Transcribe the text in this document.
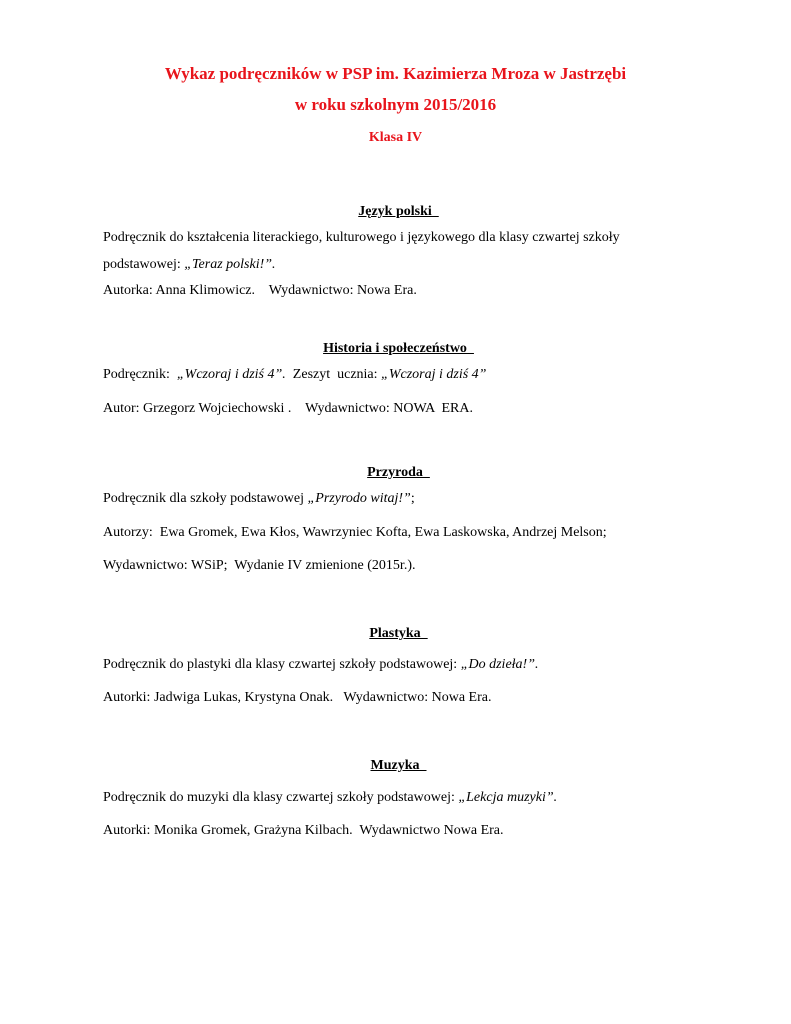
Wykaz podręczników w PSP im. Kazimierza Mroza w Jastrzębi
w roku szkolnym 2015/2016
Klasa IV
Język polski
Podręcznik do kształcenia literackiego, kulturowego i językowego dla klasy czwartej szkoły
podstawowej: „Teraz polski!”.
Autorka: Anna Klimowicz.    Wydawnictwo: Nowa Era.
Historia i społeczeństwo
Podręcznik:  „Wczoraj i dziś 4”.  Zeszyt  ucznia: „Wczoraj i dziś 4”
Autor: Grzegorz Wojciechowski .    Wydawnictwo: NOWA  ERA.
Przyroda
Podręcznik dla szkoły podstawowej „Przyrodo witaj!”;
Autorzy:  Ewa Gromek, Ewa Kłos, Wawrzyniec Kofta, Ewa Laskowska, Andrzej Melson;
Wydawnictwo: WSiP;  Wydanie IV zmienione (2015r.).
Plastyka
Podręcznik do plastyki dla klasy czwartej szkoły podstawowej: „Do dzieła!”.
Autorki: Jadwiga Lukas, Krystyna Onak.   Wydawnictwo: Nowa Era.
Muzyka
Podręcznik do muzyki dla klasy czwartej szkoły podstawowej: „Lekcja muzyki”.
Autorki: Monika Gromek, Grażyna Kilbach.  Wydawnictwo Nowa Era.
